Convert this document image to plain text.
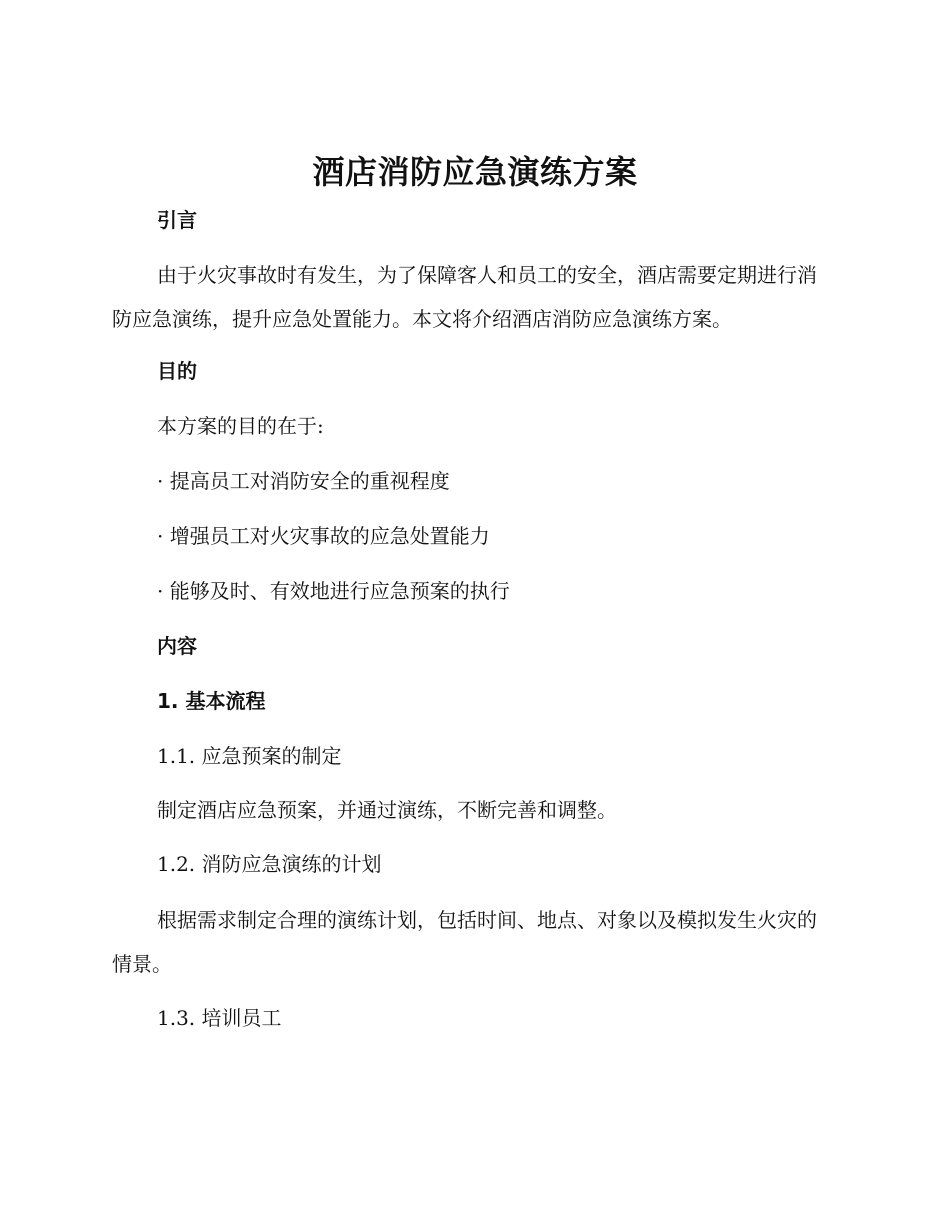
酒店消防应急演练方案
引言
由于火灾事故时有发生，为了保障客人和员工的安全，酒店需要定期进行消防应急演练，提升应急处置能力。本文将介绍酒店消防应急演练方案。
目的
本方案的目的在于:
· 提高员工对消防安全的重视程度
· 增强员工对火灾事故的应急处置能力
· 能够及时、有效地进行应急预案的执行
内容
1. 基本流程
1.1. 应急预案的制定
制定酒店应急预案，并通过演练，不断完善和调整。
1.2. 消防应急演练的计划
根据需求制定合理的演练计划，包括时间、地点、对象以及模拟发生火灾的情景。
1.3. 培训员工
